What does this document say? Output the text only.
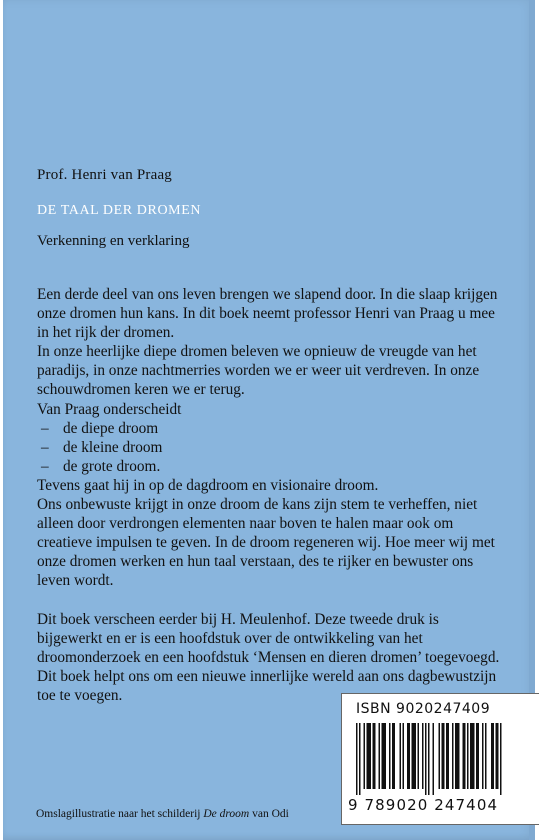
Prof. Henri van Praag
DE TAAL DER DROMEN
Verkenning en verklaring

Een derde deel van ons leven brengen we slapend door. In die slaap krijgen onze dromen hun kans. In dit boek neemt professor Henri van Praag u mee in het rijk der dromen.

In onze heerlijke diepe dromen beleven we opnieuw de vreugde van het paradijs, in onze nachtmerries worden we er weer uit verdreven. In onze schouwdromen keren we er terug.

Van Praag onderscheidt

– de diepe droom
– de kleine droom
– de grote droom.

Tevens gaat hij in op de dagdroom en visionaire droom.

Ons onbewuste krijgt in onze droom de kans zijn stem te verheffen, niet alleen door verdrongen elementen naar boven te halen maar ook om creatieve impulsen te geven. In de droom regeneren wij. Hoe meer wij met onze dromen werken en hun taal verstaan, des te rijker en bewuster ons leven wordt.

Dit boek verscheen eerder bij H. Meulenhof. Deze tweede druk is bijgewerkt en er is een hoofdstuk over de ontwikkeling van het droomonderzoek en een hoofdstuk ‘Mensen en dieren dromen’ toegevoegd.

Dit boek helpt ons om een nieuwe innerlijke wereld aan ons dagbewustzijn toe te voegen.

Omslagillustratie naar het schilderij De droom van Odi
ISBN 9020247409
9 789020 247404
